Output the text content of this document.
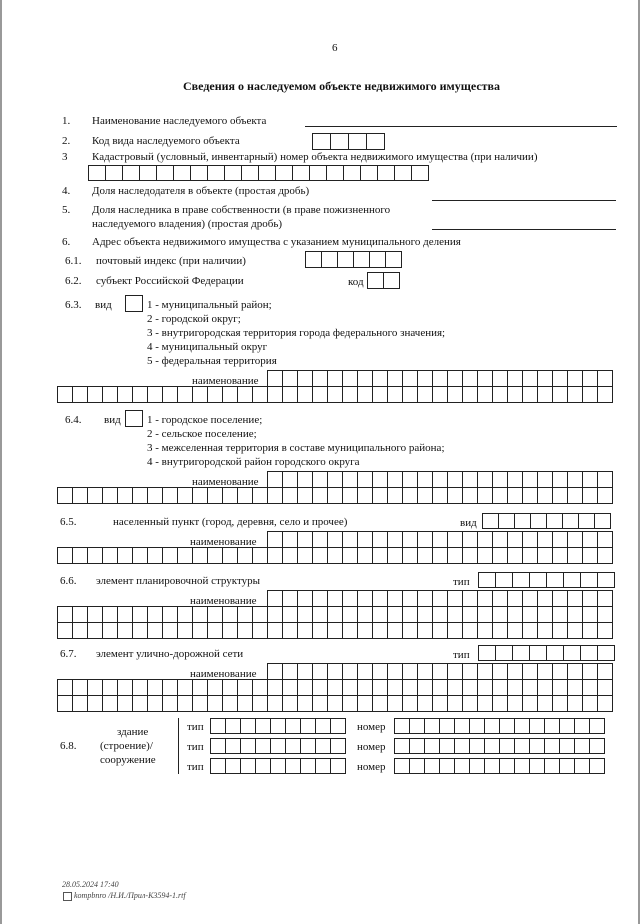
6
Сведения о наследуемом объекте недвижимого имущества
1. Наименование наследуемого объекта
2. Код вида наследуемого объекта
3 Кадастровый (условный, инвентарный) номер объекта недвижимого имущества (при наличии)
4. Доля наследодателя в объекте (простая дробь)
5. Доля наследника в праве собственности (в праве пожизненного
наследуемого владения) (простая дробь)
6. Адрес объекта недвижимого имущества с указанием муниципального деления
6.1. почтовый индекс (при наличии)
6.2. субъект Российской Федерации	код
6.3. вид	1 - муниципальный район;
2 - городской округ;
3 - внутригородская территория города федерального значения;
4 - муниципальный округ
5 - федеральная территория
наименование
6.4. вид 1 - городское поселение;
2 - сельское поселение;
3 - межселенная территория в составе муниципального района;
4 - внутригородской район городского округа
наименование
6.5.	населенный пункт (город, деревня, село и прочее)	вид
наименование
6.6. элемент планировочной структуры	тип
наименование
6.7. элемент улично-дорожной сети	тип
наименование
6.8.
здание
(строение)/
сооружение
тип	номер
тип	номер
тип	номер
28.05.2024 17:40
kompbnro /Н.И./Прил-К3594-1.rtf
